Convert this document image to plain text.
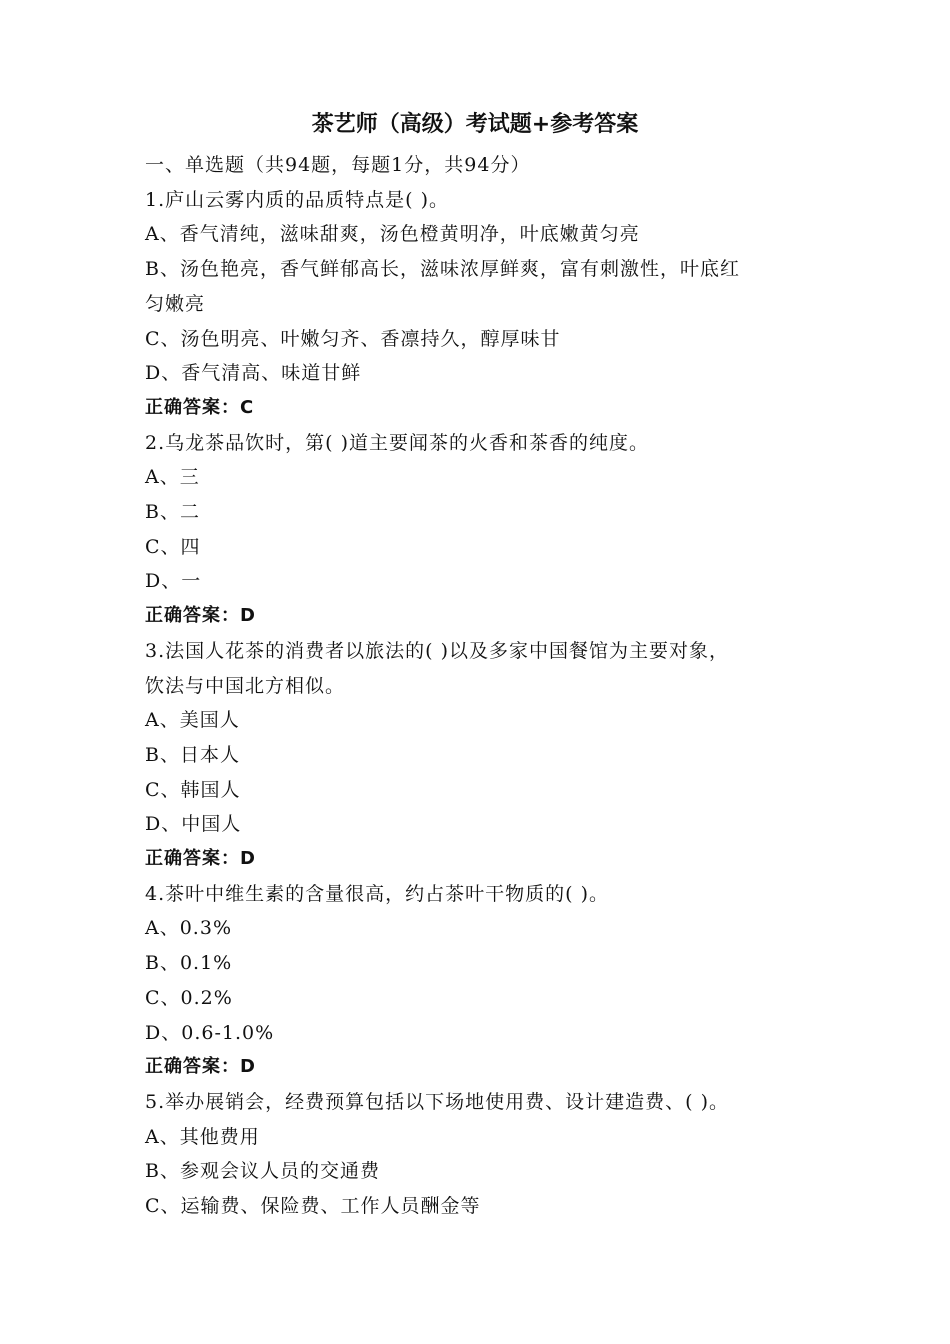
茶艺师（高级）考试题+参考答案
一、单选题（共94题，每题1分，共94分）
1.庐山云雾内质的品质特点是( )。
A、香气清纯，滋味甜爽，汤色橙黄明净，叶底嫩黄匀亮
B、汤色艳亮，香气鲜郁高长，滋味浓厚鲜爽，富有刺激性，叶底红
匀嫩亮
C、汤色明亮、叶嫩匀齐、香凛持久，醇厚味甘
D、香气清高、味道甘鲜
正确答案：C
2.乌龙茶品饮时，第( )道主要闻茶的火香和茶香的纯度。
A、三
B、二
C、四
D、一
正确答案：D
3.法国人花茶的消费者以旅法的( )以及多家中国餐馆为主要对象，
饮法与中国北方相似。
A、美国人
B、日本人
C、韩国人
D、中国人
正确答案：D
4.茶叶中维生素的含量很高，约占茶叶干物质的( )。
A、0.3%
B、0.1%
C、0.2%
D、0.6-1.0%
正确答案：D
5.举办展销会，经费预算包括以下场地使用费、设计建造费、( )。
A、其他费用
B、参观会议人员的交通费
C、运输费、保险费、工作人员酬金等
